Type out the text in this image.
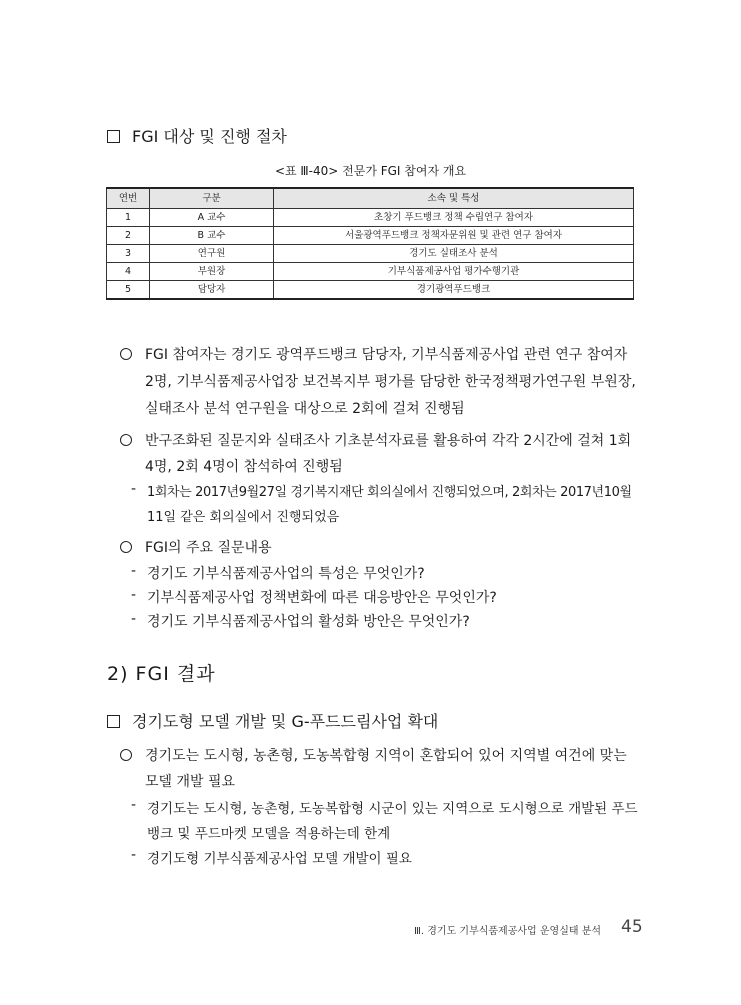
FGI 대상 및 진행 절차
<표 Ⅲ-40> 전문가 FGI 참여자 개요
연번	구분	소속 및 특성
1	A 교수	초창기 푸드뱅크 정책 수립연구 참여자
2	B 교수	서울광역푸드뱅크 정책자문위원 및 관련 연구 참여자
3	연구원	경기도 실태조사 분석
4	부원장	기부식품제공사업 평가수행기관
5	담당자	경기광역푸드뱅크
FGI 참여자는 경기도 광역푸드뱅크 담당자, 기부식품제공사업 관련 연구 참여자
2명, 기부식품제공사업장 보건복지부 평가를 담당한 한국정책평가연구원 부원장,
실태조사 분석 연구원을 대상으로 2회에 걸쳐 진행됨
반구조화된 질문지와 실태조사 기초분석자료를 활용하여 각각 2시간에 걸쳐 1회
4명, 2회 4명이 참석하여 진행됨
- 1회차는 2017년9월27일 경기복지재단 회의실에서 진행되었으며, 2회차는 2017년10월
11일 같은 회의실에서 진행되었음
FGI의 주요 질문내용
- 경기도 기부식품제공사업의 특성은 무엇인가?
- 기부식품제공사업 정책변화에 따른 대응방안은 무엇인가?
- 경기도 기부식품제공사업의 활성화 방안은 무엇인가?
2) FGI 결과
경기도형 모델 개발 및 G-푸드드림사업 확대
경기도는 도시형, 농촌형, 도농복합형 지역이 혼합되어 있어 지역별 여건에 맞는
모델 개발 필요
- 경기도는 도시형, 농촌형, 도농복합형 시군이 있는 지역으로 도시형으로 개발된 푸드
뱅크 및 푸드마켓 모델을 적용하는데 한계
- 경기도형 기부식품제공사업 모델 개발이 필요
Ⅲ. 경기도 기부식품제공사업 운영실태 분석 45
